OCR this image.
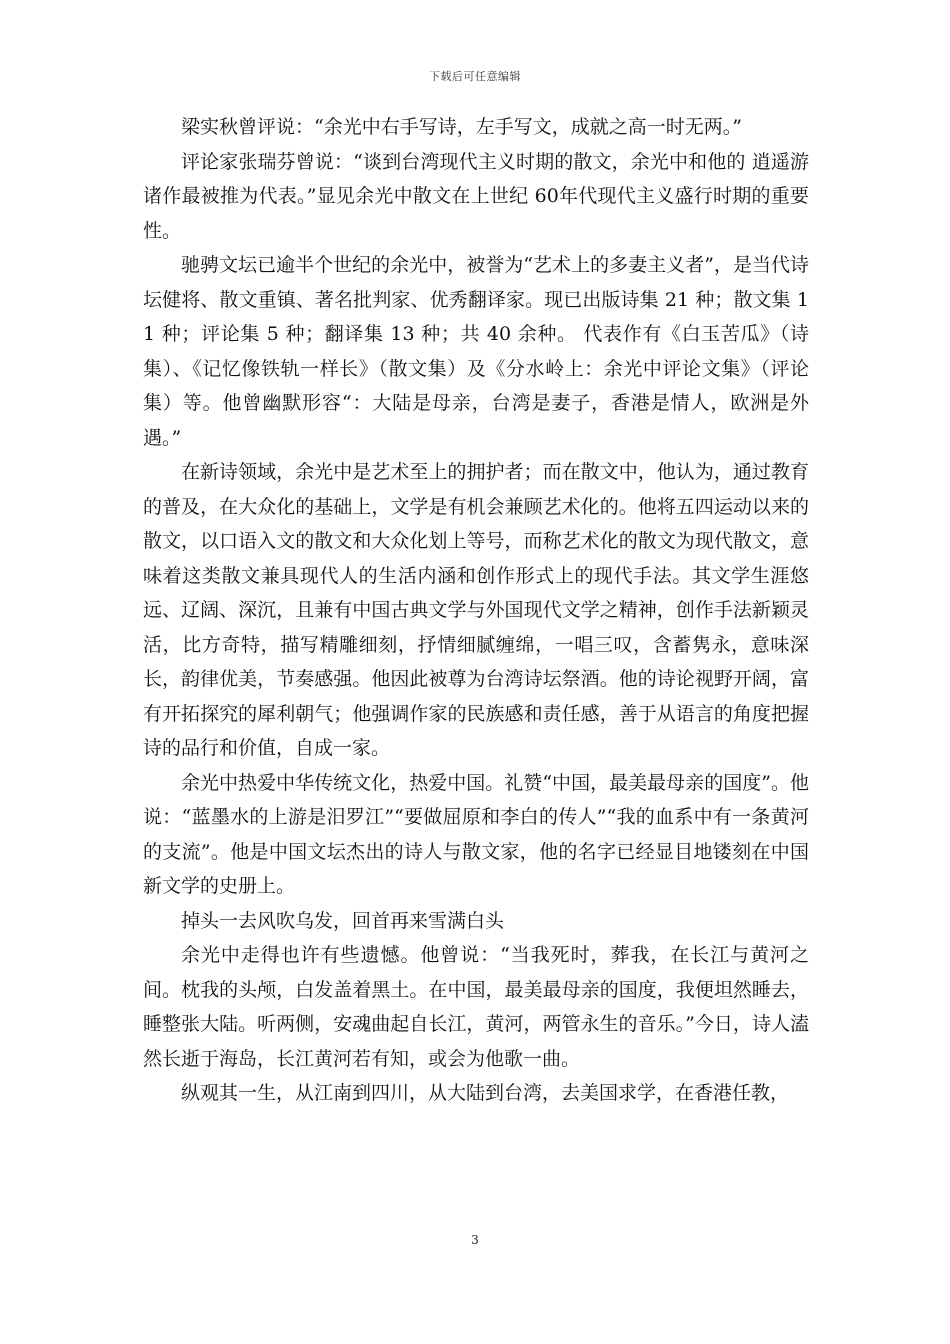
下载后可任意编辑

梁实秋曾评说：“余光中右手写诗，左手写文，成就之高一时无两。”

评论家张瑞芬曾说：“谈到台湾现代主义时期的散文，余光中和他的 逍遥游 诸作最被推为代表。”显见余光中散文在上世纪 60年代现代主义盛行时期的重要性。

驰骋文坛已逾半个世纪的余光中，被誉为“艺术上的多妻主义者”，是当代诗坛健将、散文重镇、著名批判家、优秀翻译家。现已出版诗集 21 种；散文集 11 种；评论集 5 种；翻译集 13 种；共 40 余种。 代表作有《白玉苦瓜》（诗集）、《记忆像铁轨一样长》（散文集）及《分水岭上：余光中评论文集》（评论集）等。他曾幽默形容“：大陆是母亲，台湾是妻子，香港是情人，欧洲是外遇。”

在新诗领域，余光中是艺术至上的拥护者；而在散文中，他认为，通过教育的普及，在大众化的基础上，文学是有机会兼顾艺术化的。他将五四运动以来的散文，以口语入文的散文和大众化划上等号，而称艺术化的散文为现代散文，意味着这类散文兼具现代人的生活内涵和创作形式上的现代手法。其文学生涯悠远、辽阔、深沉，且兼有中国古典文学与外国现代文学之精神，创作手法新颖灵活，比方奇特，描写精雕细刻，抒情细腻缠绵，一唱三叹，含蓄隽永，意味深长，韵律优美，节奏感强。他因此被尊为台湾诗坛祭酒。他的诗论视野开阔，富有开拓探究的犀利朝气；他强调作家的民族感和责任感，善于从语言的角度把握诗的品行和价值，自成一家。

余光中热爱中华传统文化，热爱中国。礼赞“中国，最美最母亲的国度”。他说：“蓝墨水的上游是汨罗江”“要做屈原和李白的传人”“我的血系中有一条黄河的支流”。他是中国文坛杰出的诗人与散文家，他的名字已经显目地镂刻在中国新文学的史册上。

掉头一去风吹乌发，回首再来雪满白头

余光中走得也许有些遗憾。他曾说：“当我死时，葬我，在长江与黄河之间。枕我的头颅，白发盖着黑土。在中国，最美最母亲的国度，我便坦然睡去，睡整张大陆。听两侧，安魂曲起自长江，黄河，两管永生的音乐。”今日，诗人溘然长逝于海岛，长江黄河若有知，或会为他歌一曲。

纵观其一生，从江南到四川，从大陆到台湾，去美国求学，在香港任教，

3
